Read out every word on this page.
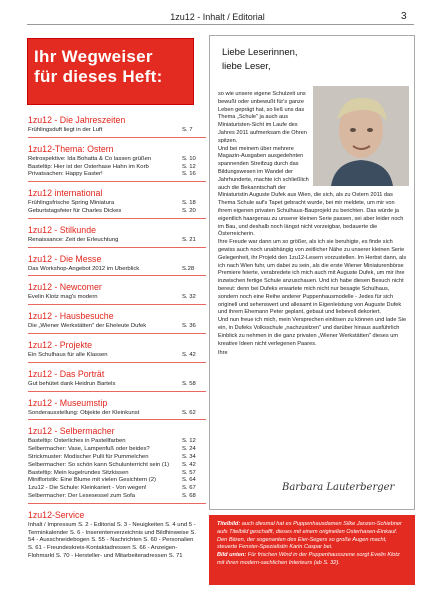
1zu12 - Inhalt / Editorial	3
Ihr Wegweiser
für dieses Heft:
1zu12 - Die Jahreszeiten
Frühlingsduft liegt in der Luft	S. 7
1zu12-Thema: Ostern
Retrospektive: Ida Bohatta & Co lassen grüßen	S. 10
Basteltip: Hier ist der Osterhase Hahn im Korb	S. 12
Privatsachen: Happy Easter!	S. 16
1zu12 international
Frühlingsfrische Spring Miniatura	S. 18
Geburtstagsfeier für Charles Dickes	S. 20
1zu12 - Stilkunde
Renaissance: Zeit der Erleuchtung	S. 21
1zu12 - Die Messe
Das Workshop-Angebot 2012 im Überblick	S.28
1zu12 - Newcomer
Evelin Klotz mag's modern	S. 32
1zu12 - Hausbesuche
Die „Wiener Werkstätten" der Eheleute Dufek	S. 36
1zu12 - Projekte
Ein Schulhaus für alle Klassen	S. 42
1zu12 - Das Porträt
Gut behütet dank Heidrun Bartels	S. 58
1zu12 - Museumstip
Sonderausstellung: Objekte der Kleinkunst	S. 62
1zu12 - Selbermacher
Basteltip: Österliches in Pastellfarben	S. 12
Selbermacher: Vase, Lampenfuß oder beides?	S. 24
Strickmuster: Modischer Pulli für Pummelchen	S. 34
Selbermacher: So schön kann Schulunterricht sein (1)	S. 42
Basteltip: Mein kugelrundes Sitzkissen	S. 57
Minifloristik: Eine Blume mit vielen Gesichtern (2)	S. 64
1zu12 - Die Schule: Kleinkariert - Von wegen!	S. 67
Selbermacher: Der Lesesessel zum Sofa	S. 68
1zu12-Service
Inhalt / Impressum S. 2 - Editorial S. 3 - Neuigkeiten S. 4 und 5 - Terminkalender S. 6 - Inserentenverzeichnis und Bildhinweise S. 54 - Ausschneidebogen S. 55 - Nachrichten S. 60 - Personalien S. 61 - Freundeskreis-Kontaktadressen S. 66 - Anzeigen-Flohmarkt S. 70 - Hersteller- und Mitarbeiteradressen S. 71
Liebe Leserinnen,
liebe Leser,

so wie unsere eigene Schulzeit uns bewußt oder unbewußt für's ganze Leben geprägt hat, so ließ uns das Thema „Schule" ja auch aus Miniaturisten-Sicht im Laufe des Jahres 2011 aufmerksam die Ohren spitzen.

Und bei meinem über mehrere Magazin-Ausgaben ausgedehnten spannenden Streifzug durch das Bildungswesen im Wandel der Jahrhunderte, machte ich schließlich auch die Bekanntschaft der Miniaturistin Auguste Dufek aus Wien, die sich, als zu Ostern 2011 das Thema Schule auf's Tapet gebracht wurde, bei mir meldete, um mir von ihrem eigenen privaten Schulhaus-Bauprojekt zu berichten. Das würde ja eigentlich haargenau zu unserer kleinen Serie passen, sei aber leider noch im Bau, und deshalb noch längst nicht vorzeigbar, bedauerte die Österreicherin.

Ihre Freude war dann um so größer, als ich sie beruhigte, es finde sich gewiss auch noch unabhängig von zeitlicher Nähe zu unserer kleinen Serie Gelegenheit, ihr Projekt den 1zu12-Lesern vorzustellen. Im Herbst dann, als ich nach Wien fuhr, um dabei zu sein, als die erste Wiener Miniaturenbörse Premiere feierte, verabredete ich mich auch mit Auguste Dufek, um mir ihre inzwischen fertige Schule anzuschauen. Und ich habe diesen Besuch nicht bereut: denn bei Dufeks erwartete mich nicht nur besagte Schulhaus, sondern noch eine Reihe anderer Puppenhausmodelle - Jedes für sich originell und sehenswert und allesamt in Eigenleistung von Auguste Dufek und ihrem Ehemann Peter geplant, gebaut und liebevoll dekoriert.

Und nun freue ich mich, mein Versprechen einlösen zu können und lade Sie ein, in Dufeks Volksschule „nachzusitzen" und darüber hinaus ausführlich Einblick zu nehmen in die ganz privaten „Wiener Werkstätten" dieses um kreative Ideen nicht verlegenen Paares.

Ihre

Barbara Lauterberger

Titelbild: auch diesmal hat es Puppenhausdamen Silke Janzen-Schiebner aufs Titelbild geschafft, dieses mit einem originellen Osterhasen-Einkauf. Den Bären, der sogenanten des Eier-Segers so große Augen macht, steuerte Fenster-Spezialistin Karin Caspar bei.

Bild unten: Für frischen Wind in der Puppenhausszene sorgt Evelin Klotz mit ihren modern-sachlichen Interieurs (ab S. 32).
